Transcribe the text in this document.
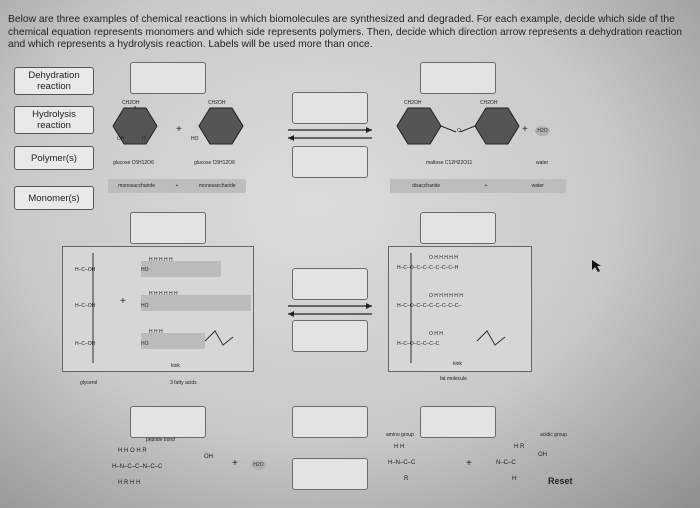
Below are three examples of chemical reactions in which biomolecules are synthesized and degraded. For each example, decide which side of the chemical equation represents monomers and which side represents polymers. Then, decide which direction arrow represents a dehydration reaction and which represents a hydrolysis reaction. Labels will be used more than once.
Dehydration reaction
Hydrolysis reaction
Polymer(s)
Monomer(s)
CH2OH
OH	H
+
CH2OH
HO
glucose C6H12O6	glucose C6H12O6
monosaccharide	+	monosaccharide
CH2OH	CH2OH
O	+	H2O
maltose C12H22O11	water
disaccharide	+	water
H–C–OH
H–C–OH
H–C–OH
HO
HO
HO
H H H H H
H H H H H H
H H H
kink
+
glycerol	3 fatty acids
H–C–O–C–C–C–C–C–C–H
H–C–O–C–C–C–C–C–C–C–
H–C–O–C–C–C–C
O H H H H H
O H H H H H H
O H H
kink
fat molecule
peptide bond
H H O H R
H–N–C–C–N–C–C
H R H H
OH
+	H2O
amino group
H H
H–N–C–C
R
+
acidic group
H R
N–C–C
OH
H	Reset
